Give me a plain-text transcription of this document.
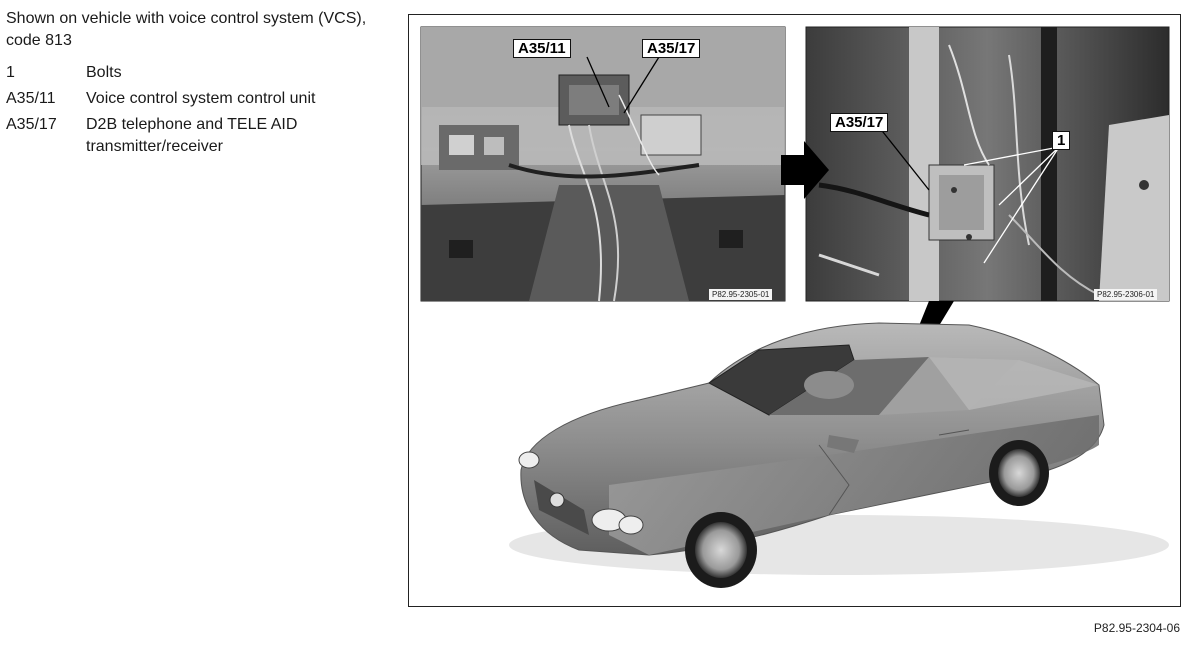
Shown on vehicle with voice control system (VCS), code 813
1	Bolts
A35/11	Voice control system control unit
A35/17	D2B telephone and TELE AID transmitter/receiver
A35/11	A35/17
A35/17
1
P82.95-2305-01	P82.95-2306-01
P82.95-2304-06
